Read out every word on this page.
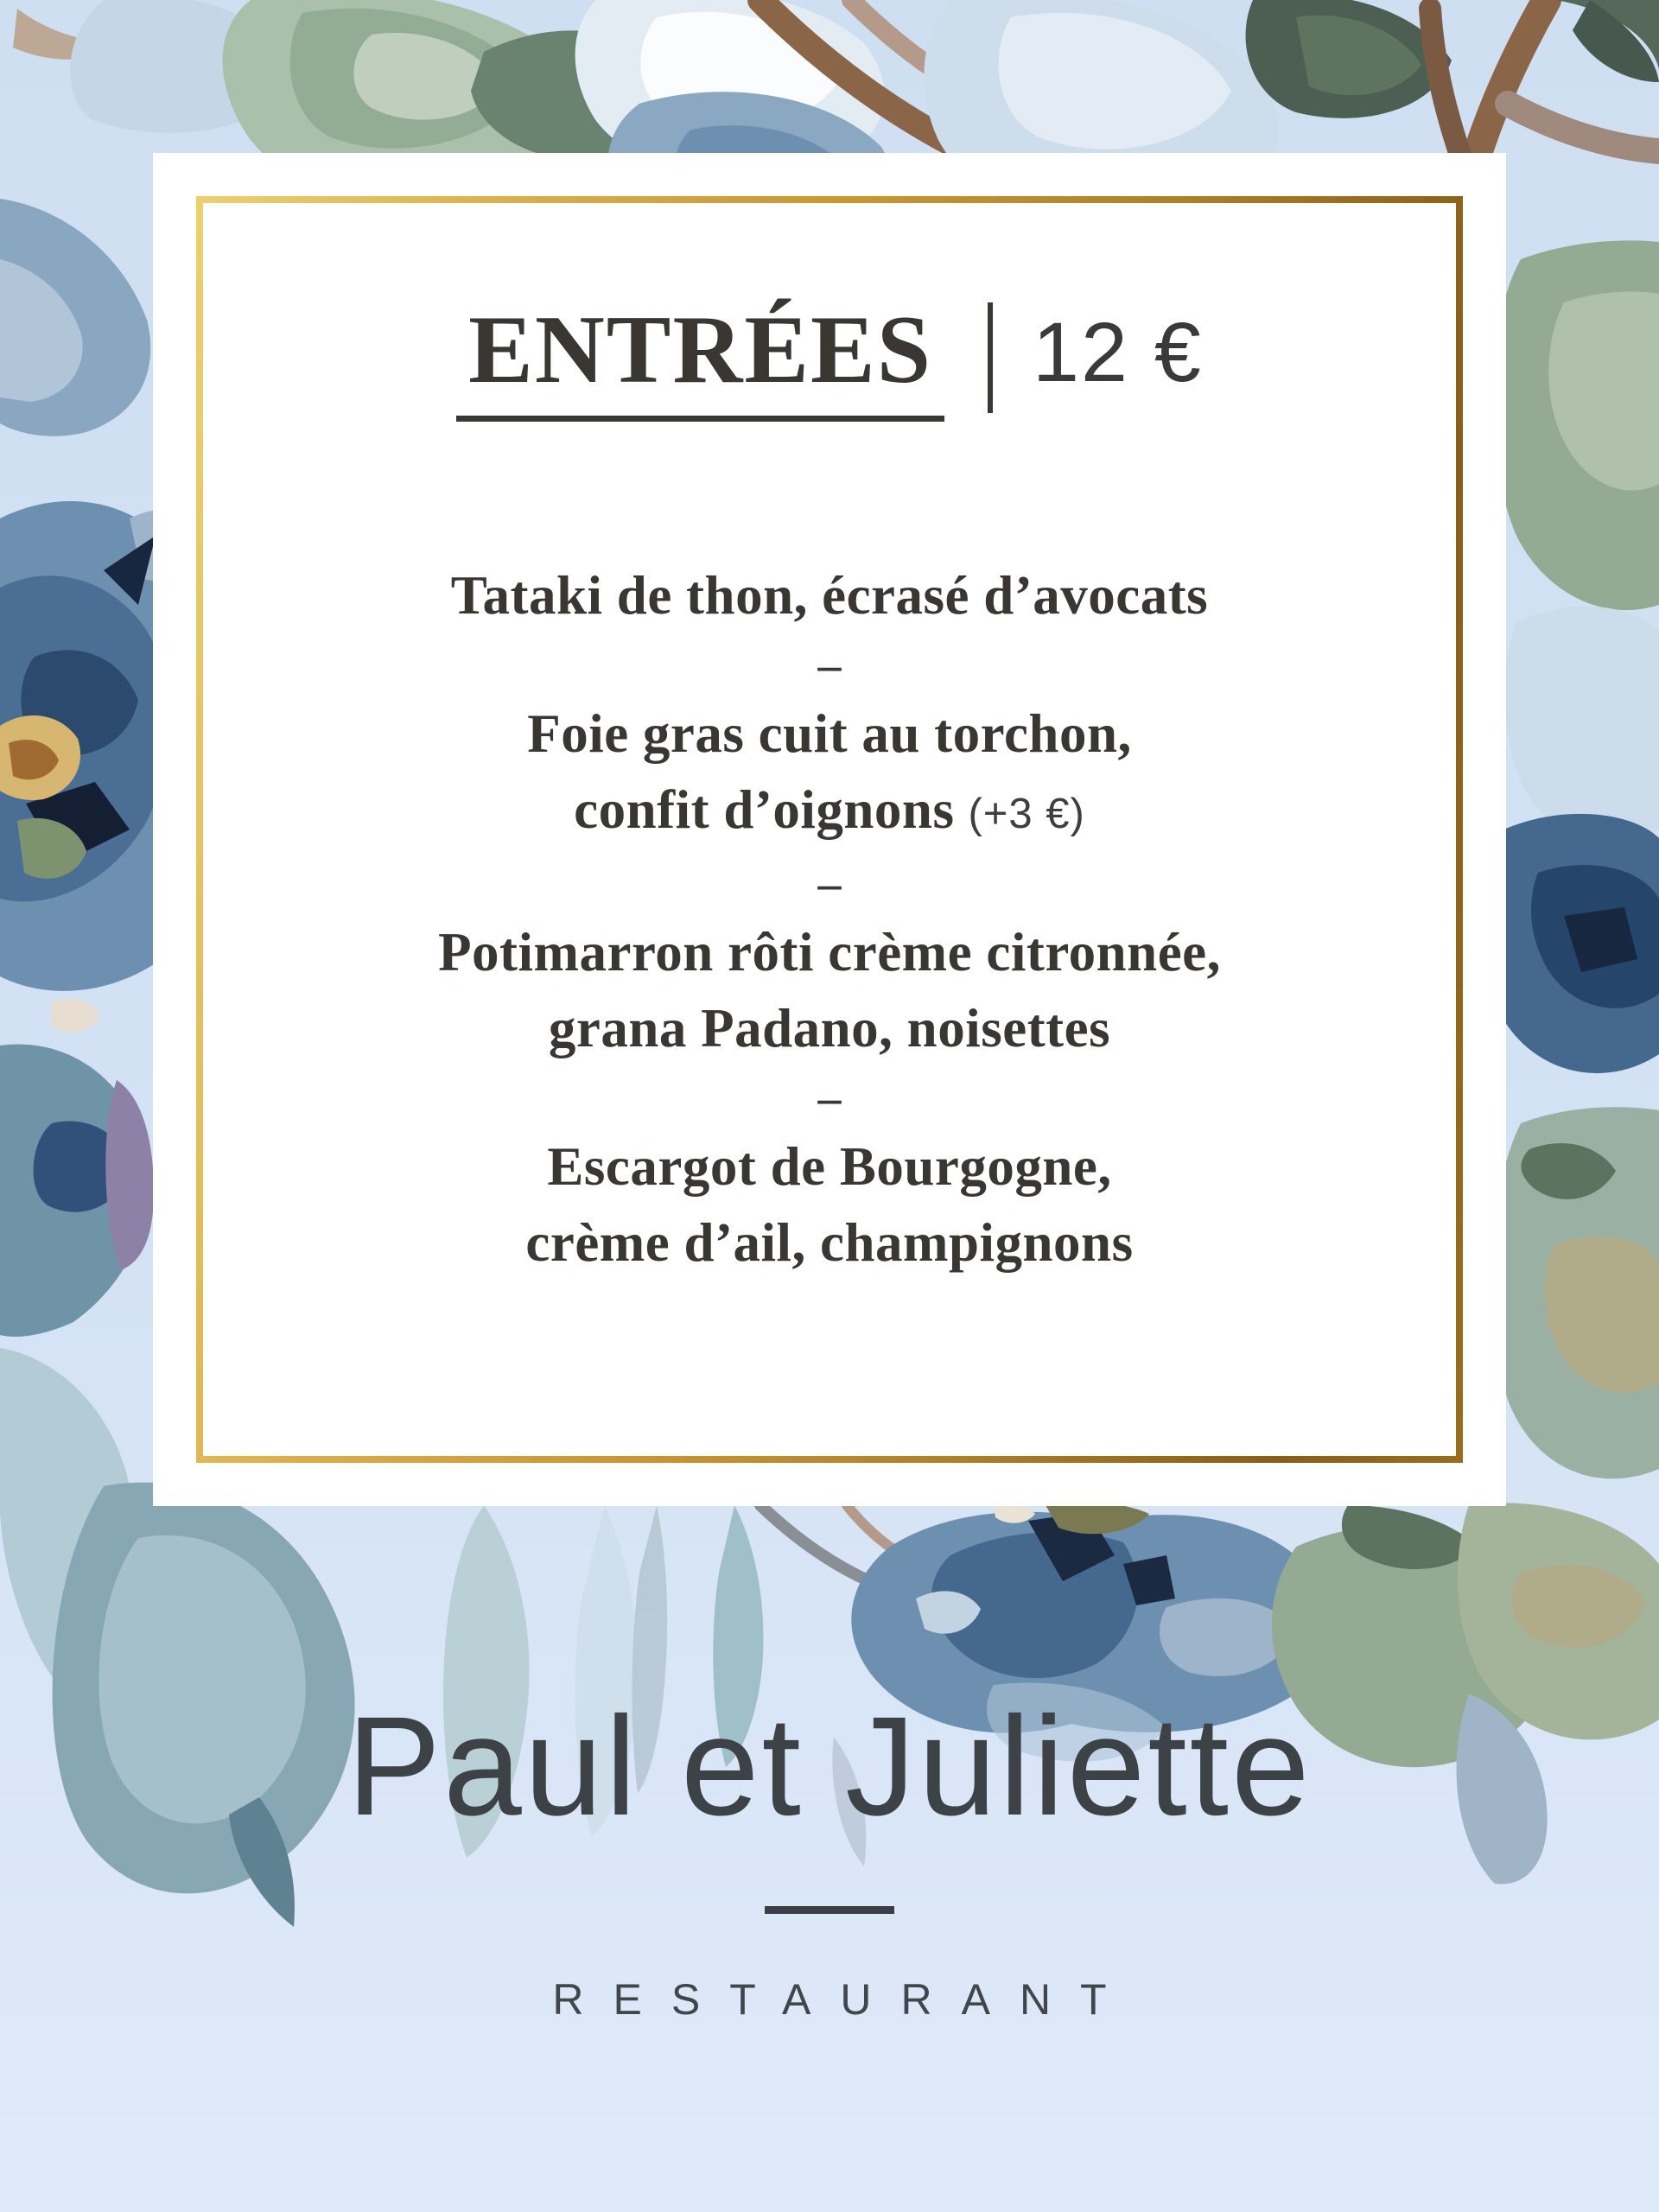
ENTRÉES 12 €
Tataki de thon, écrasé d’avocats
–
Foie gras cuit au torchon,
confit d’oignons (+3 €)
–
Potimarron rôti crème citronnée,
grana Padano, noisettes
–
Escargot de Bourgogne,
crème d’ail, champignons
Paul et Juliette
RESTAURANT
